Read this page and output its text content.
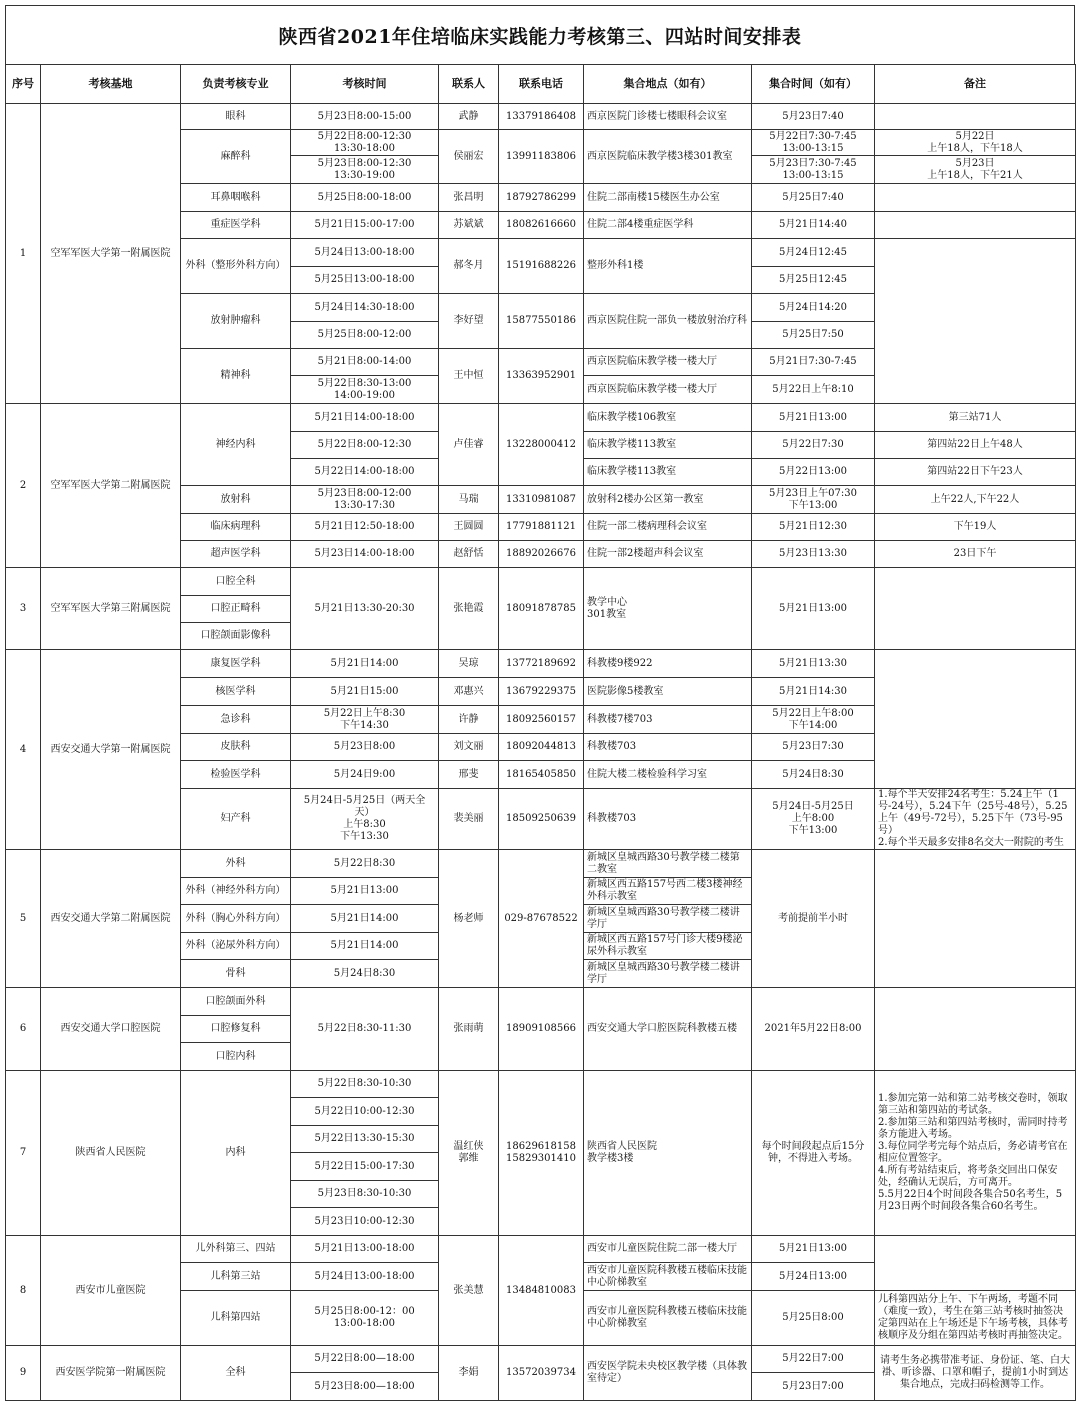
陕西省2021年住培临床实践能力考核第三、四站时间安排表
序号	考核基地	负责考核专业	考核时间	联系人	联系电话	集合地点（如有）	集合时间（如有）	备注
1	空军军医大学第一附属医院	眼科	5月23日8:00-15:00	武静	13379186408	西京医院门诊楼七楼眼科会议室	5月23日7:40	
		麻醉科	5月22日8:00-12:30
13:30-18:00	侯丽宏	13991183806	西京医院临床教学楼3楼301教室	5月22日7:30-7:45
13:00-13:15	5月22日
上午18人，下午18人
			5月23日8:00-12:30
13:30-19:00				5月23日7:30-7:45
13:00-13:15	5月23日
上午18人，下午21人
		耳鼻咽喉科	5月25日8:00-18:00	张昌明	18792786299	住院二部南楼15楼医生办公室	5月25日7:40	
		重症医学科	5月21日15:00-17:00	苏斌斌	18082616660	住院二部4楼重症医学科	5月21日14:40	
		外科（整形外科方向）	5月24日13:00-18:00	郝冬月	15191688226	整形外科1楼	5月24日12:45	
			5月25日13:00-18:00				5月25日12:45	
		放射肿瘤科	5月24日14:30-18:00	李好望	15877550186	西京医院住院一部负一楼放射治疗科	5月24日14:20	
			5月25日8:00-12:00				5月25日7:50	
		精神科	5月21日8:00-14:00	王中恒	13363952901	西京医院临床教学楼一楼大厅	5月21日7:30-7:45	
			5月22日8:30-13:00
14:00-19:00			西京医院临床教学楼一楼大厅	5月22日上午8:10	
2	空军军医大学第二附属医院	神经内科	5月21日14:00-18:00	卢佳睿	13228000412	临床教学楼106教室	5月21日13:00	第三站71人
			5月22日8:00-12:30			临床教学楼113教室	5月22日7:30	第四站22日上午48人
			5月22日14:00-18:00			临床教学楼113教室	5月22日13:00	第四站22日下午23人
		放射科	5月23日8:00-12:00
13:30-17:30	马瑞	13310981087	放射科2楼办公区第一教室	5月23日上午07:30
下午13:00	上午22人,下午22人
		临床病理科	5月21日12:50-18:00	王圆圆	17791881121	住院一部二楼病理科会议室	5月21日12:30	下午19人
		超声医学科	5月23日14:00-18:00	赵舒恬	18892026676	住院一部2楼超声科会议室	5月23日13:30	23日下午
3	空军军医大学第三附属医院	口腔全科	5月21日13:30-20:30	张艳霞	18091878785	教学中心
301教室	5月21日13:00	
		口腔正畸科						
		口腔颌面影像科						
4	西安交通大学第一附属医院	康复医学科	5月21日14:00	吴琼	13772189692	科教楼9楼922	5月21日13:30	
		核医学科	5月21日15:00	邓惠兴	13679229375	医院影像5楼教室	5月21日14:30	
		急诊科	5月22日上午8:30
下午14:30	许静	18092560157	科教楼7楼703	5月22日上午8:00
下午14:00	
		皮肤科	5月23日8:00	刘文丽	18092044813	科教楼703	5月23日7:30	
		检验医学科	5月24日9:00	邢斐	18165405850	住院大楼二楼检验科学习室	5月24日8:30	
		妇产科	5月24日-5月25日（两天全天）
上午8:30
下午13:30	裴美丽	18509250639	科教楼703	5月24日-5月25日
上午8:00
下午13:00	1.每个半天安排24名考生：5.24上午（1号-24号），5.24下午（25号-48号），5.25上午（49号-72号），5.25下午（73号-95号）
2.每个半天最多安排8名交大一附院的考生
5	西安交通大学第二附属医院	外科	5月22日8:30	杨老师	029-87678522	新城区皇城西路30号教学楼二楼第二教室	考前提前半小时	
		外科（神经外科方向）	5月21日13:00			新城区西五路157号西二楼3楼神经外科示教室		
		外科（胸心外科方向）	5月21日14:00			新城区皇城西路30号教学楼二楼讲学厅		
		外科（泌尿外科方向）	5月21日14:00			新城区西五路157号门诊大楼9楼泌尿外科示教室		
		骨科	5月24日8:30			新城区皇城西路30号教学楼二楼讲学厅		
6	西安交通大学口腔医院	口腔颌面外科	5月22日8:30-11:30	张雨萌	18909108566	西安交通大学口腔医院科教楼五楼	2021年5月22日8:00	
		口腔修复科						
		口腔内科						
7	陕西省人民医院	内科	5月22日8:30-10:30	温红侠
郭维	18629618158
15829301410	陕西省人民医院
教学楼3楼	每个时间段起点后15分钟，不得进入考场。	1.参加完第一站和第二站考核交卷时，领取第三站和第四站的考试条。
2.参加第三站和第四站考核时，需同时持考条方能进入考场。
3.每位同学考完每个站点后，务必请考官在相应位置签字。
4.所有考站结束后，将考条交回出口保安处，经确认无误后，方可离开。
5.5月22日4个时间段各集合50名考生，5月23日两个时间段各集合60名考生。
			5月22日10:00-12:30					
			5月22日13:30-15:30					
			5月22日15:00-17:30					
			5月23日8:30-10:30					
			5月23日10:00-12:30					
8	西安市儿童医院	儿外科第三、四站	5月21日13:00-18:00	张美慧	13484810083	西安市儿童医院住院二部一楼大厅	5月21日13:00	
		儿科第三站	5月24日13:00-18:00			西安市儿童医院科教楼五楼临床技能中心阶梯教室	5月24日13:00	
		儿科第四站	5月25日8:00-12：00
13:00-18:00			西安市儿童医院科教楼五楼临床技能中心阶梯教室	5月25日8:00	儿科第四站分上午、下午两场，考题不同（难度一致），考生在第三站考核时抽签决定第四站在上午场还是下午场考核，具体考核顺序及分组在第四站考核时再抽签决定。

9	西安医学院第一附属医院	全科	5月22日8:00—18:00	李娟	13572039734	西安医学院未央校区教学楼（具体教室待定）	5月22日7:00	请考生务必携带准考证、身份证、笔、白大褂、听诊器、口罩和帽子，提前1小时到达集合地点，完成扫码检测等工作。
			5月23日8:00—18:00				5月23日7:00	
